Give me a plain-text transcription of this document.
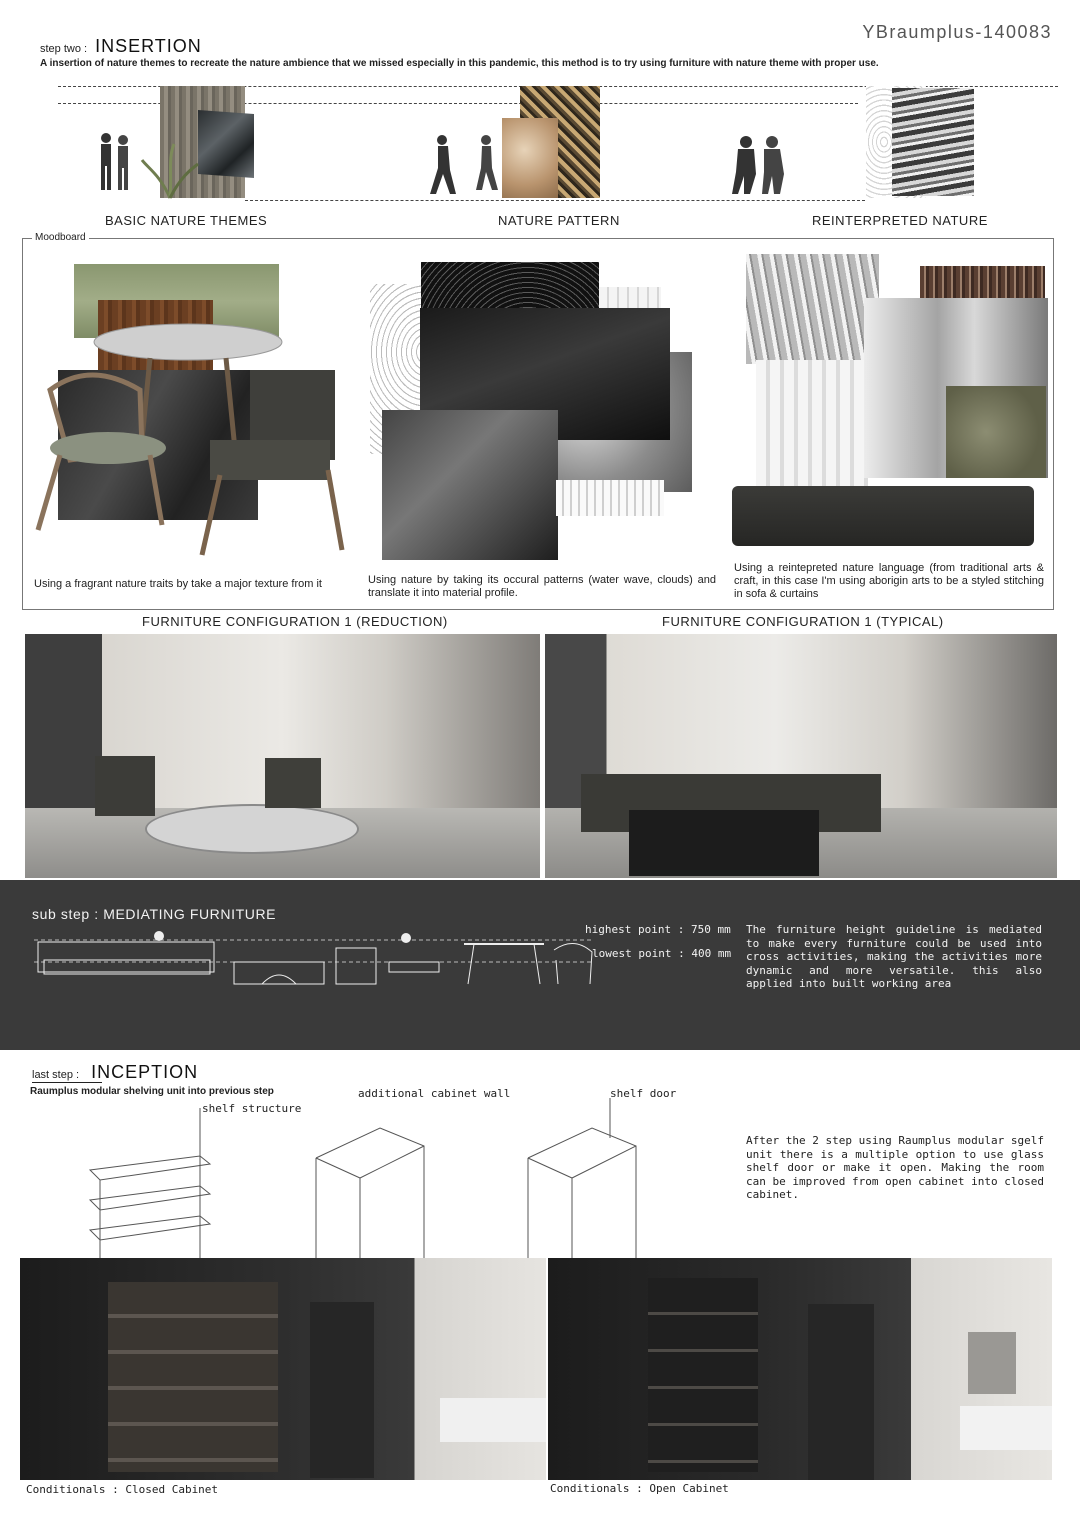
YBraumplus-140083
step two : INSERTION
A insertion of nature themes to recreate the nature ambience that we missed especially in this pandemic, this method is to try using furniture with nature theme with proper use.
BASIC NATURE THEMES	NATURE PATTERN	REINTERPRETED NATURE
Moodboard
Using a fragrant nature traits by take a major texture from it	Using nature by taking its occural patterns (water wave, clouds) and translate it into material profile.
Using a reintepreted nature language (from traditional arts & craft, in this case I'm using aborigin arts to be a styled stitching in sofa & curtains
FURNITURE CONFIGURATION 1 (REDUCTION)	FURNITURE CONFIGURATION 1 (TYPICAL)
sub step : MEDIATING FURNITURE
highest point : 750 mm
lowest point : 400 mm
The furniture height guideline is mediated to make every furniture could be used into cross activities, making the activities more dynamic and more versatile. this also applied into built working area
last step : INCEPTION
Raumplus modular shelving unit into previous step
shelf structure
additional cabinet wall	shelf door
After the 2 step using Raumplus modular sgelf unit there is a multiple option to use glass shelf door or make it open. Making the room can be improved from open cabinet into closed cabinet.
Conditionals : Closed Cabinet	Conditionals : Open Cabinet
